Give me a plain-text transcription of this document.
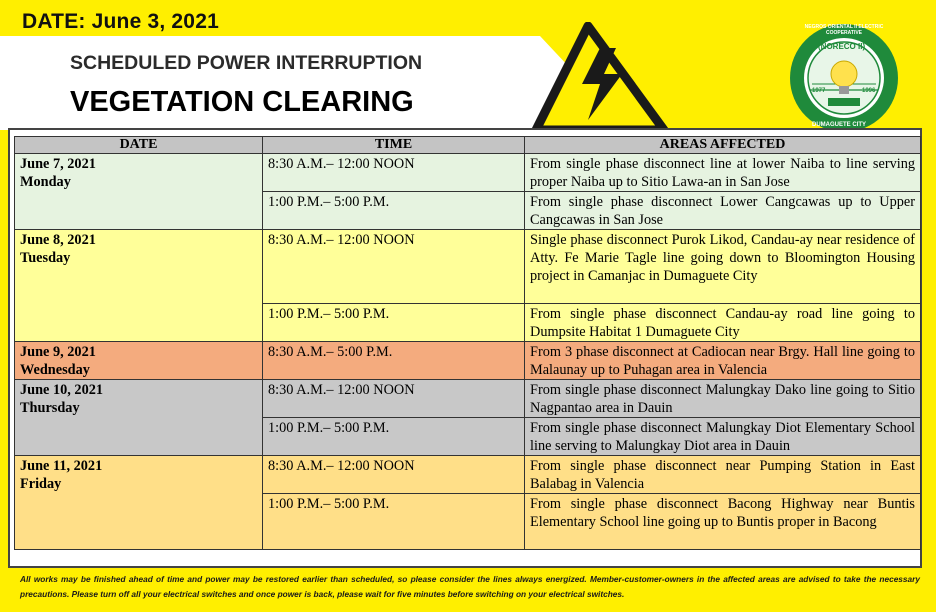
DATE: June 3, 2021
SCHEDULED POWER INTERRUPTION
VEGETATION CLEARING
(NORECO II)
NEGROS ORIENTAL II ELECTRIC COOPERATIVE
DUMAGUETE CITY
1977	1996
DATE	TIME	AREAS AFFECTED

June 7, 2021
Monday	8:30 A.M.– 12:00 NOON	From single phase disconnect line at lower Naiba to line serving proper Naiba up to Sitio Lawa-an in San Jose
	1:00 P.M.– 5:00 P.M.	From single phase disconnect Lower Cangcawas up to Upper Cangcawas in San Jose

June 8, 2021
Tuesday	8:30 A.M.– 12:00 NOON	Single phase disconnect Purok Likod, Candau-ay near residence of Atty. Fe Marie Tagle line going down to Bloomington Housing project in Camanjac in Dumaguete City
	1:00 P.M.– 5:00 P.M.	From single phase disconnect Candau-ay road line going to Dumpsite Habitat 1 Dumaguete City

June 9, 2021
Wednesday	8:30 A.M.– 5:00 P.M.	From 3 phase disconnect at Cadiocan near Brgy. Hall line going to Malaunay up to Puhagan area in Valencia

June 10, 2021
Thursday	8:30 A.M.– 12:00 NOON	From single phase disconnect Malungkay Dako line going to Sitio Nagpantao area in Dauin
	1:00 P.M.– 5:00 P.M.	From single phase disconnect Malungkay Diot Elementary School line serving to Malungkay Diot area in Dauin

June 11, 2021
Friday	8:30 A.M.– 12:00 NOON	From single phase disconnect near Pumping Station in East Balabag in Valencia
	1:00 P.M.– 5:00 P.M.	From single phase disconnect Bacong Highway near Buntis Elementary School line going up to Buntis proper in Bacong
All works may be finished ahead of time and power may be restored earlier than scheduled, so please consider the lines always energized. Member-customer-owners in the affected areas are advised to take the necessary precautions. Please turn off all your electrical switches and once power is back, please wait for five minutes before switching on your electrical switches.
